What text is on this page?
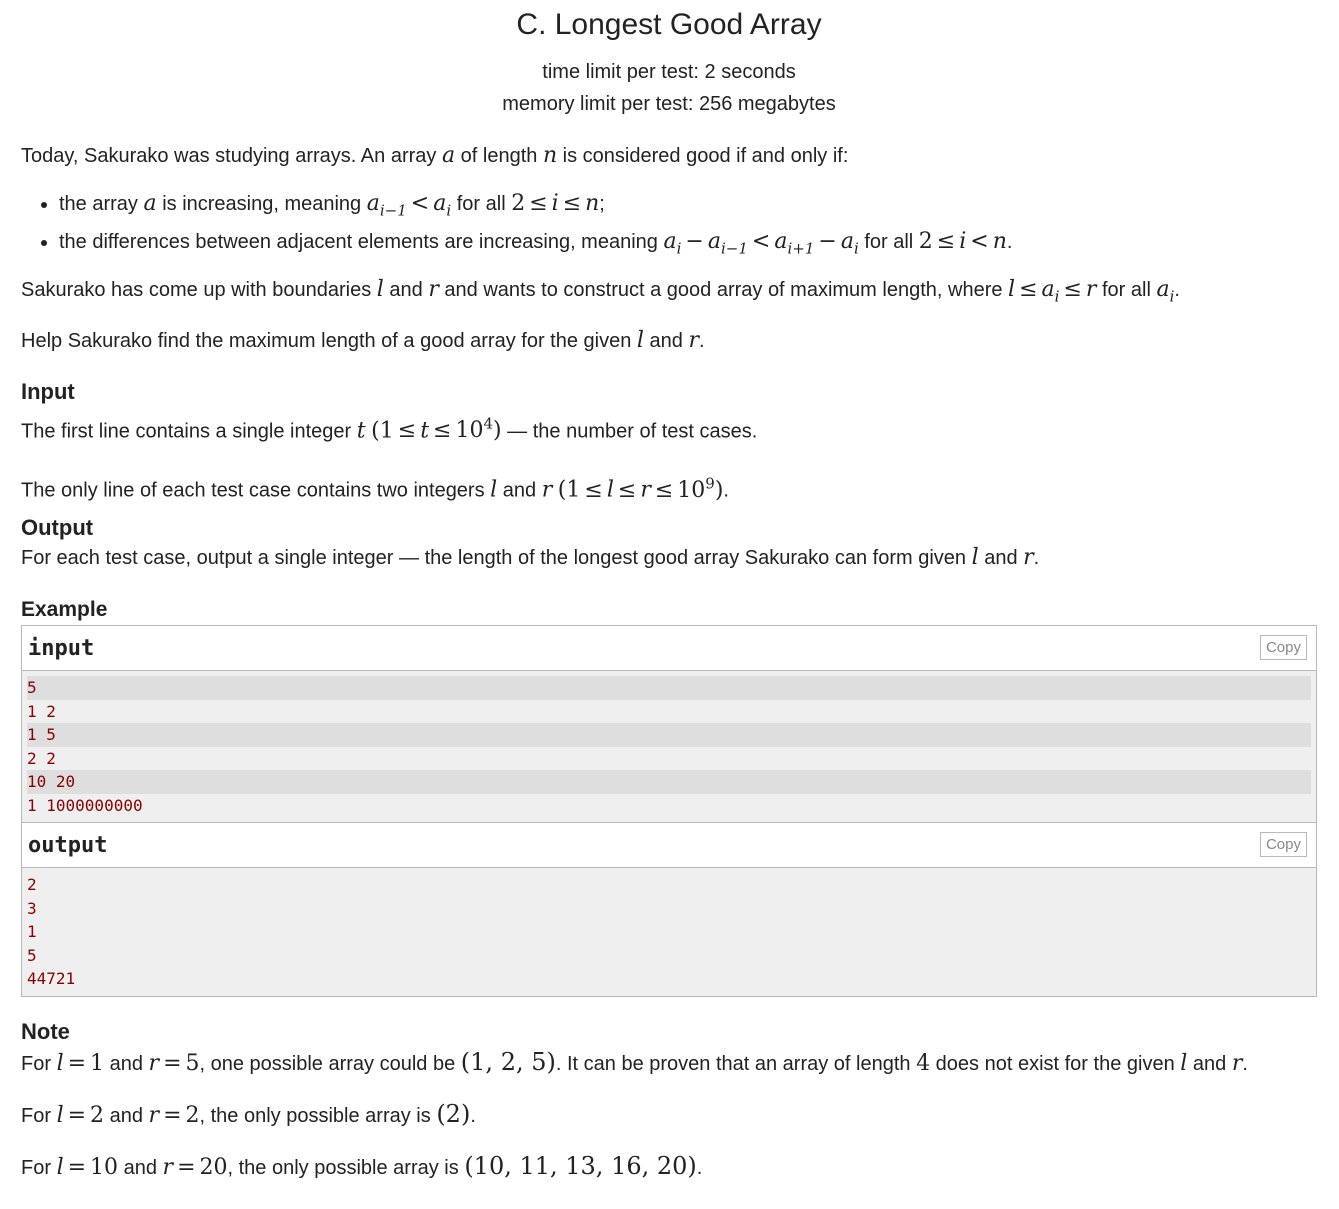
C. Longest Good Array
time limit per test: 2 seconds
memory limit per test: 256 megabytes

Today, Sakurako was studying arrays. An array a of length n is considered good if and only if:

• the array a is increasing, meaning $a_{i-1} < a_i$ for all 2 ≤ i ≤ n;
• the differences between adjacent elements are increasing, meaning $a_i - a_{i-1} < a_{i+1} - a_i$ for all 2 ≤ i < n.

Sakurako has come up with boundaries l and r and wants to construct a good array of maximum length, where $l \le a_i \le r$ for all $a_i$.

Help Sakurako find the maximum length of a good array for the given l and r.

Input

The first line contains a single integer t $(1 \le t \le 10^4)$ — the number of test cases.

The only line of each test case contains two integers l and r $(1 \le l \le r \le 10^9)$.

Output

For each test case, output a single integer — the length of the longest good array Sakurako can form given l and r.

Example
input	Copy
5
1 2
1 5
2 2
10 20
1 1000000000
output	Copy
2
3
1
5
44721
Note

For l = 1 and r = 5, one possible array could be (1, 2, 5). It can be proven that an array of length 4 does not exist for the given l and r.

For l = 2 and r = 2, the only possible array is (2).

For l = 10 and r = 20, the only possible array is (10, 11, 13, 16, 20).
